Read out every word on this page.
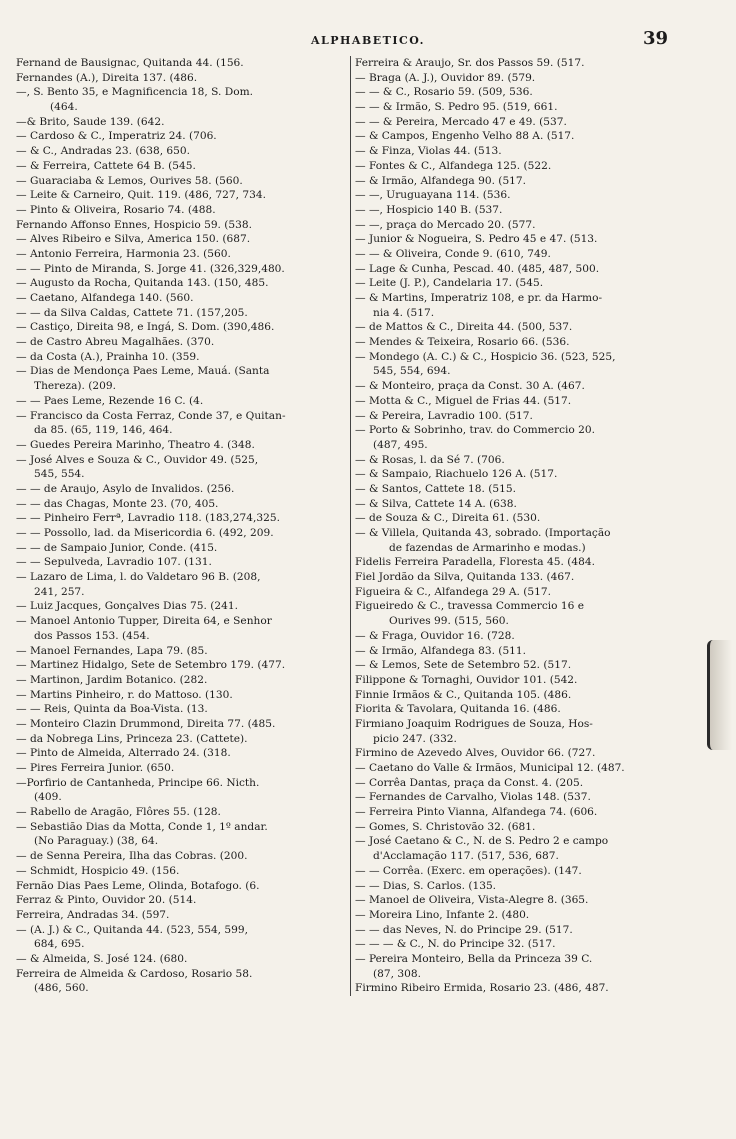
ALPHABETICO.	39
Fernand de Bausignac, Quitanda 44. (156.
Fernandes (A.), Direita 137. (486.
—, S. Bento 35, e Magnificencia 18, S. Dom.
(464.
—& Brito, Saude 139. (642.
— Cardoso & C., Imperatriz 24. (706.
— & C., Andradas 23. (638, 650.
— & Ferreira, Cattete 64 B. (545.
— Guaraciaba & Lemos, Ourives 58. (560.
— Leite & Carneiro, Quit. 119. (486, 727, 734.
— Pinto & Oliveira, Rosario 74. (488.
Fernando Affonso Ennes, Hospicio 59. (538.
— Alves Ribeiro e Silva, America 150. (687.
— Antonio Ferreira, Harmonia 23. (560.
— — Pinto de Miranda, S. Jorge 41. (326,329,480.
— Augusto da Rocha, Quitanda 143. (150, 485.
— Caetano, Alfandega 140. (560.
— — da Silva Caldas, Cattete 71. (157,205.
— Castiço, Direita 98, e Ingá, S. Dom. (390,486.
— de Castro Abreu Magalhães. (370.
— da Costa (A.), Prainha 10. (359.
— Dias de Mendonça Paes Leme, Mauá. (Santa
Thereza). (209.
— — Paes Leme, Rezende 16 C. (4.
— Francisco da Costa Ferraz, Conde 37, e Quitan-
da 85. (65, 119, 146, 464.
— Guedes Pereira Marinho, Theatro 4. (348.
— José Alves e Souza & C., Ouvidor 49. (525,
545, 554.
— — de Araujo, Asylo de Invalidos. (256.
— — das Chagas, Monte 23. (70, 405.
— — Pinheiro Ferrª, Lavradio 118. (183,274,325.
— — Possollo, lad. da Misericordia 6. (492, 209.
— — de Sampaio Junior, Conde. (415.
— — Sepulveda, Lavradio 107. (131.
— Lazaro de Lima, l. do Valdetaro 96 B. (208,
241, 257.
— Luiz Jacques, Gonçalves Dias 75. (241.
— Manoel Antonio Tupper, Direita 64, e Senhor
dos Passos 153. (454.
— Manoel Fernandes, Lapa 79. (85.
— Martinez Hidalgo, Sete de Setembro 179. (477.
— Martinon, Jardim Botanico. (282.
— Martins Pinheiro, r. do Mattoso. (130.
— — Reis, Quinta da Boa-Vista. (13.
— Monteiro Clazin Drummond, Direita 77. (485.
— da Nobrega Lins, Princeza 23. (Cattete).
— Pinto de Almeida, Alterrado 24. (318.
— Pires Ferreira Junior. (650.
—Porfirio de Cantanheda, Principe 66. Nicth.
(409.
— Rabello de Aragão, Flôres 55. (128.
— Sebastião Dias da Motta, Conde 1, 1º andar.
(No Paraguay.) (38, 64.
— de Senna Pereira, Ilha das Cobras. (200.
— Schmidt, Hospicio 49. (156.
Fernão Dias Paes Leme, Olinda, Botafogo. (6.
Ferraz & Pinto, Ouvidor 20. (514.
Ferreira, Andradas 34. (597.
— (A. J.) & C., Quitanda 44. (523, 554, 599,
684, 695.
— & Almeida, S. José 124. (680.
Ferreira de Almeida & Cardoso, Rosario 58.
(486, 560.
Ferreira & Araujo, Sr. dos Passos 59. (517.
— Braga (A. J.), Ouvidor 89. (579.
— — & C., Rosario 59. (509, 536.
— — & Irmão, S. Pedro 95. (519, 661.
— — & Pereira, Mercado 47 e 49. (537.
— & Campos, Engenho Velho 88 A. (517.
— & Finza, Violas 44. (513.
— Fontes & C., Alfandega 125. (522.
— & Irmão, Alfandega 90. (517.
— —, Uruguayana 114. (536.
— —, Hospicio 140 B. (537.
— —, praça do Mercado 20. (577.
— Junior & Nogueira, S. Pedro 45 e 47. (513.
— — & Oliveira, Conde 9. (610, 749.
— Lage & Cunha, Pescad. 40. (485, 487, 500.
— Leite (J. P.), Candelaria 17. (545.
— & Martins, Imperatriz 108, e pr. da Harmo-
nia 4. (517.
— de Mattos & C., Direita 44. (500, 537.
— Mendes & Teixeira, Rosario 66. (536.
— Mondego (A. C.) & C., Hospicio 36. (523, 525,
545, 554, 694.
— & Monteiro, praça da Const. 30 A. (467.
— Motta & C., Miguel de Frias 44. (517.
— & Pereira, Lavradio 100. (517.
— Porto & Sobrinho, trav. do Commercio 20.
(487, 495.
— & Rosas, l. da Sé 7. (706.
— & Sampaio, Riachuelo 126 A. (517.
— & Santos, Cattete 18. (515.
— & Silva, Cattete 14 A. (638.
— de Souza & C., Direita 61. (530.
— & Villela, Quitanda 43, sobrado. (Importação
de fazendas de Armarinho e modas.)
Fidelis Ferreira Paradella, Floresta 45. (484.
Fiel Jordão da Silva, Quitanda 133. (467.
Figueira & C., Alfandega 29 A. (517.
Figueiredo & C., travessa Commercio 16 e
Ourives 99. (515, 560.
— & Fraga, Ouvidor 16. (728.
— & Irmão, Alfandega 83. (511.
— & Lemos, Sete de Setembro 52. (517.
Filippone & Tornaghi, Ouvidor 101. (542.
Finnie Irmãos & C., Quitanda 105. (486.
Fiorita & Tavolara, Quitanda 16. (486.
Firmiano Joaquim Rodrigues de Souza, Hos-
picio 247. (332.
Firmino de Azevedo Alves, Ouvidor 66. (727.
— Caetano do Valle & Irmãos, Municipal 12. (487.
— Corrêa Dantas, praça da Const. 4. (205.
— Fernandes de Carvalho, Violas 148. (537.
— Ferreira Pinto Vianna, Alfandega 74. (606.
— Gomes, S. Christovão 32. (681.
— José Caetano & C., N. de S. Pedro 2 e campo
d'Acclamação 117. (517, 536, 687.
— — Corrêa. (Exerc. em operações). (147.
— — Dias, S. Carlos. (135.
— Manoel de Oliveira, Vista-Alegre 8. (365.
— Moreira Lino, Infante 2. (480.
— — das Neves, N. do Principe 29. (517.
— — — & C., N. do Principe 32. (517.
— Pereira Monteiro, Bella da Princeza 39 C.
(87, 308.
Firmino Ribeiro Ermida, Rosario 23. (486, 487.
